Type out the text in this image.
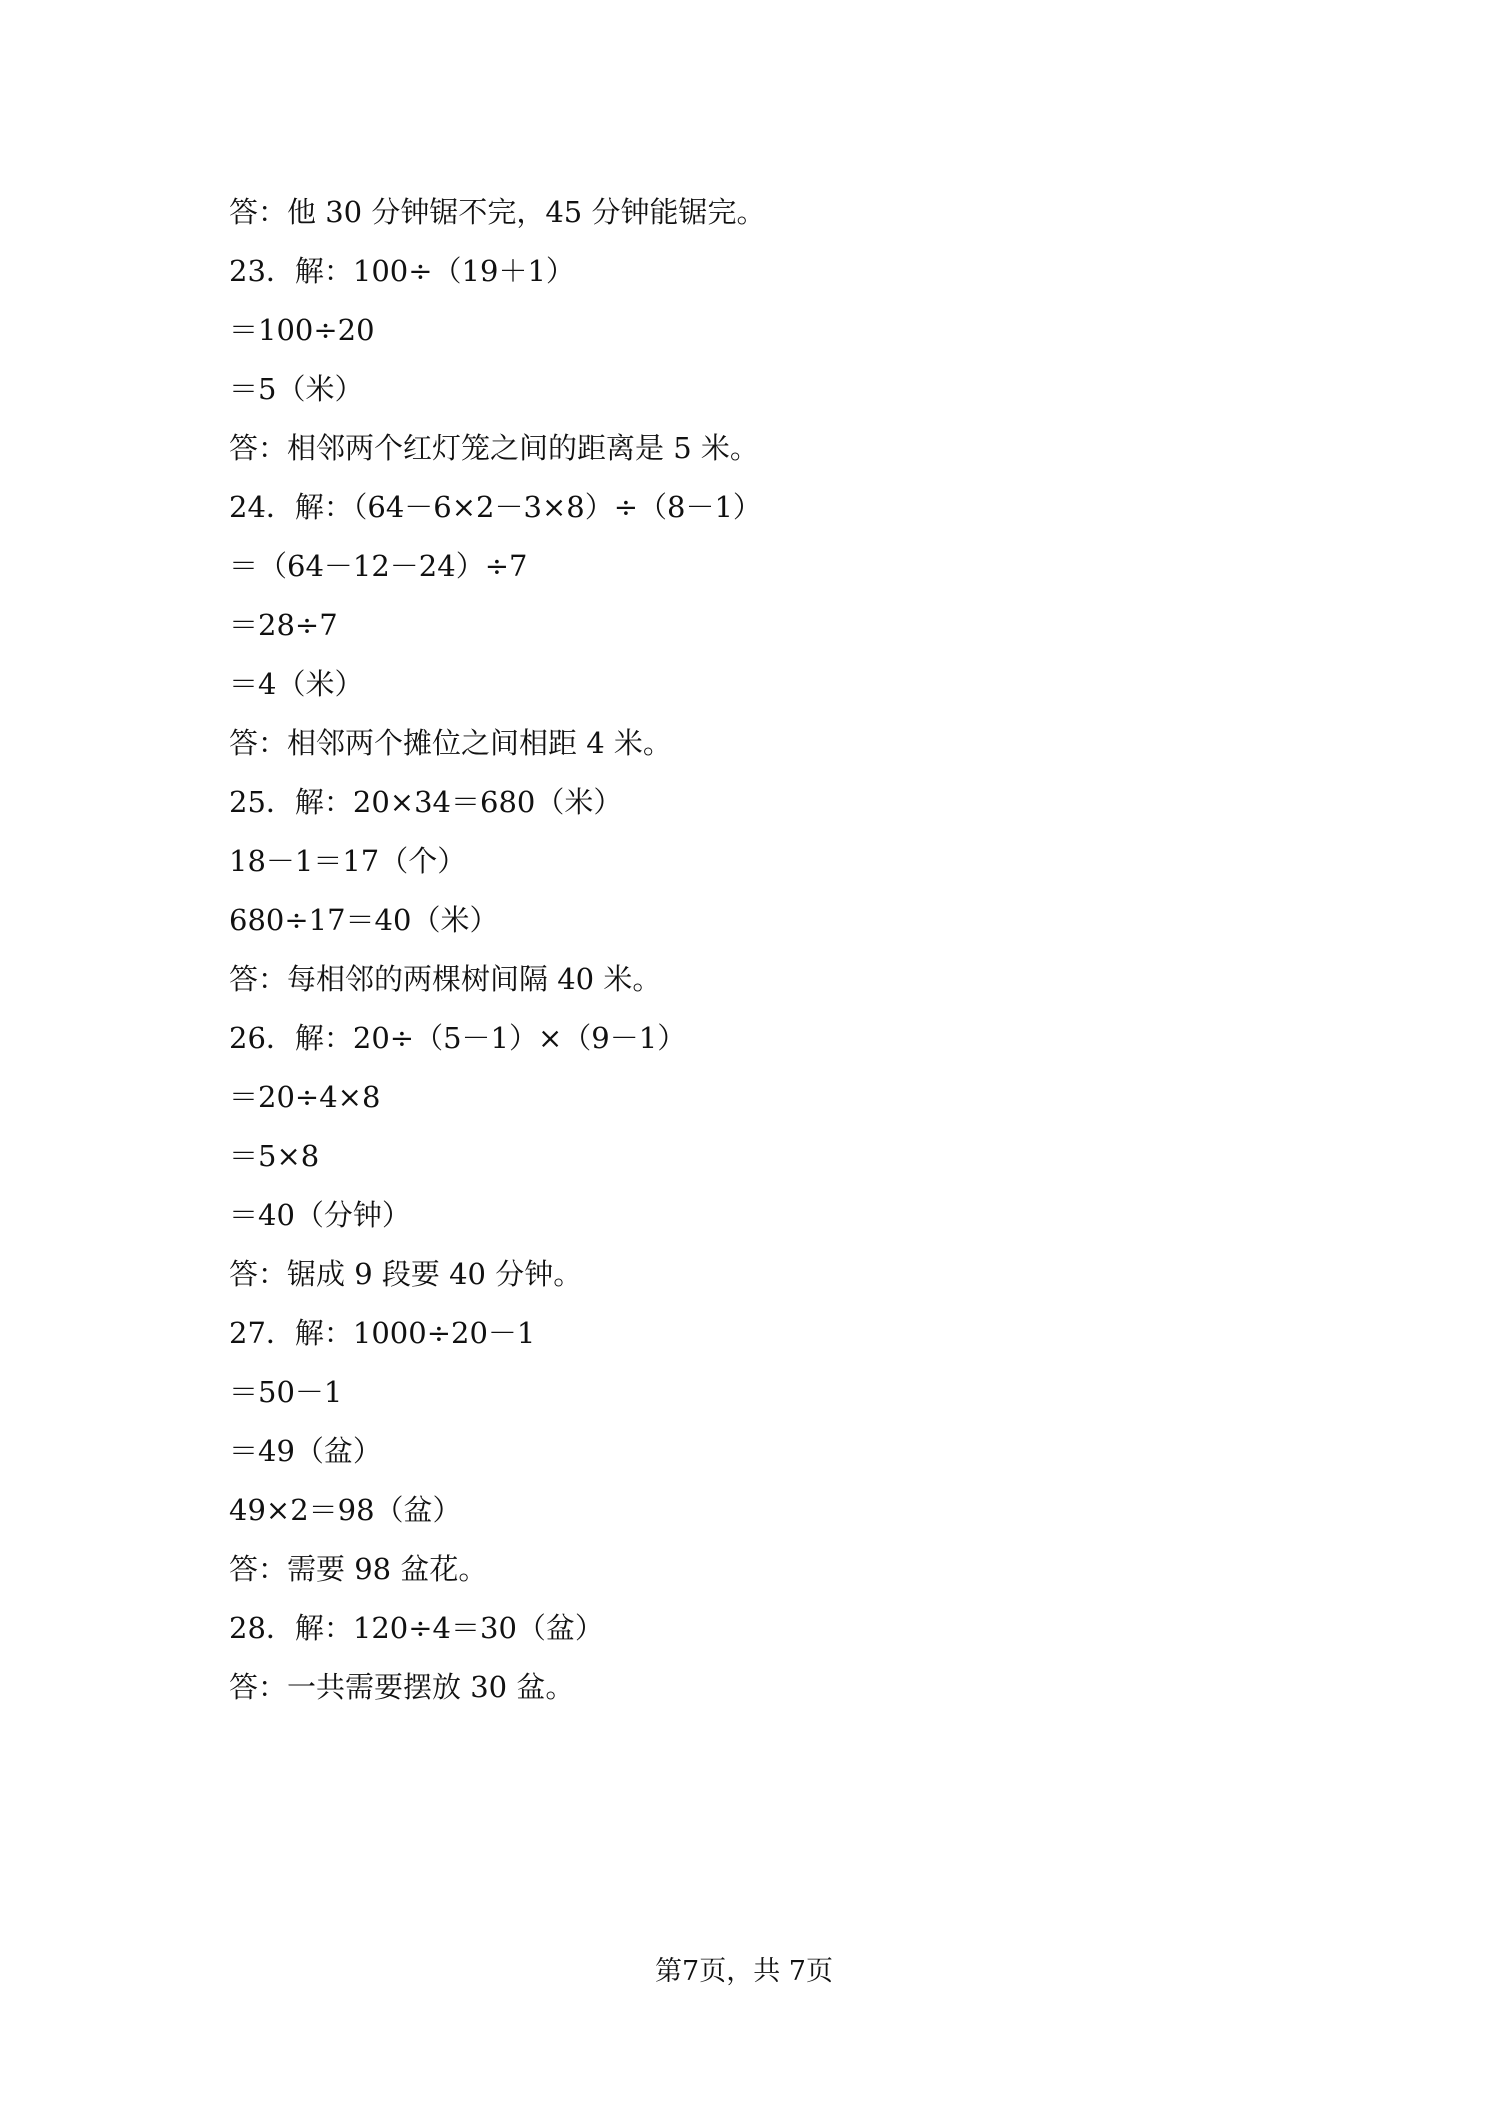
答：他 30 分钟锯不完，45 分钟能锯完。
23．解：100÷（19＋1）
＝100÷20
＝5（米）
答：相邻两个红灯笼之间的距离是 5 米。
24．解：（64－6×2－3×8）÷（8－1）
＝（64－12－24）÷7
＝28÷7
＝4（米）
答：相邻两个摊位之间相距 4 米。
25．解：20×34＝680（米）
18－1＝17（个）
680÷17＝40（米）
答：每相邻的两棵树间隔 40 米。
26．解：20÷（5－1）×（9－1）
＝20÷4×8
＝5×8
＝40（分钟）
答：锯成 9 段要 40 分钟。
27．解：1000÷20－1
＝50－1
＝49（盆）
49×2＝98（盆）
答：需要 98 盆花。
28．解：120÷4＝30（盆）
答：一共需要摆放 30 盆。
第7页，共 7页
